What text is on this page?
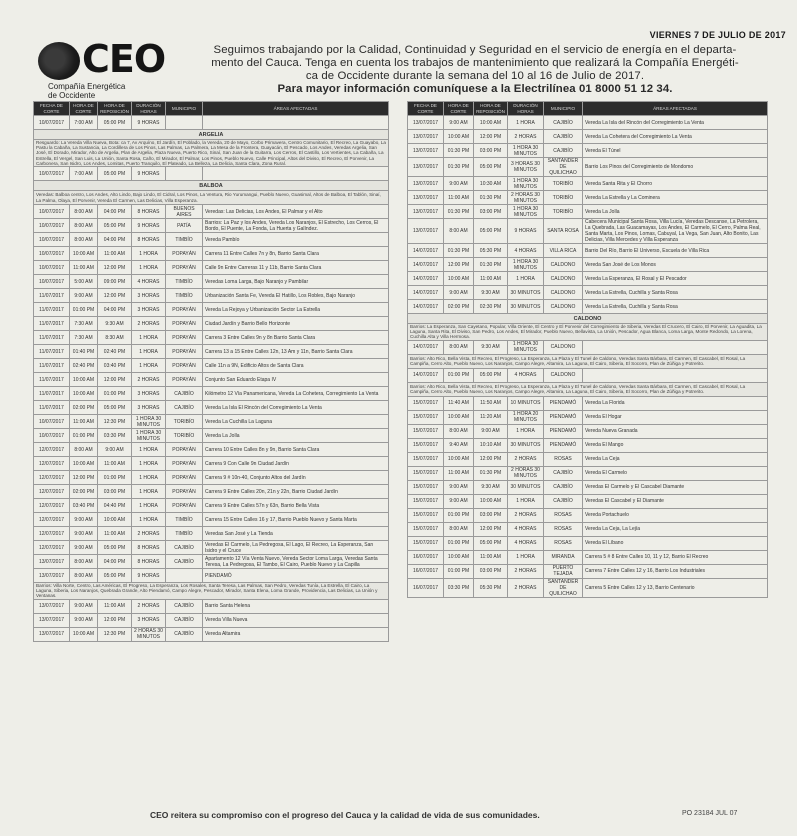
VIERNES 7 DE JULIO DE 2017
CEO
Compañía Energética
de Occidente
Seguimos trabajando por la Calidad, Continuidad y Seguridad en el servicio de energía en el departa-
mento del Cauca. Tenga en cuenta los trabajos de mantenimiento que realizará la Compañía Energéti-
ca de Occidente durante la semana del 10 al 16 de Julio de 2017.
Para mayor información comuníquese a la Electrilínea 01 8000 51 12 34.
FECHA DE CORTE	HORA DE CORTE	HORA DE REPOSICIÓN	DURACIÓN HORAS	MUNICIPIO	ÁREAS AFECTADAS
10/07/2017	7:00 AM	05:00 PM	9 HORAS		
ARGELIA					
Resguardo: La Vereda Villa Nueva, Bota: ca 7, Av Arquíno, El Jardín, El Poblado, la Vereda, 20 de Mayo, Corbo Primavera, Centro Comunitario, El Recreo, La Guayabo, La Pastu la Cabaña, La Sustancia, La Cordillera de Los Pinos, Las Palmas, La Palmera, La Mesa de la Frontera, Guayacán, El Pescado, Los Andes, Veredas Argelia, San José, El Dorado, Mirador, Alto de Argelia, Plan de Argelia, Plaza Nueva, Puerto Rico, Sinaí, San Juan de la Guitarra, Los Cerros, El Castillo, Los Vertientes, La Cabaña, La Estrella, El Vergel, San Luis, La Unión, Santa Rosa, Caño, El Mirador, El Palmar, Los Pinos, Pueblo Nuevo, Calle Principal, Altos del Diviso, El Recreo, El Porvenir, La Carbonera, San Isidro, Los Andes, Lomitas, Puerto Tranquilo, El Plateado, La Belleza, La Delicia, Santa Clara, Zona Rural.					
10/07/2017	7:00 AM	05:00 PM	9 HORAS		
BALBOA					
Veredas: Balboa centro, Los Andes, Alto Lindo, Bajo Lindo, El Cidral, Los Pinos, La Ventura, Rio Yurumangui, Pueblo Nuevo, Guasimal, Altos de Balboa, El Tablón, Sinaí, La Palma, Olaya, El Porvenir, Vereda El Carmen, Las Delicias, Villa Esperanza.					
10/07/2017	8:00 AM	04:00 PM	8 HORAS	BUENOS AIRES	Veredas: Las Delicias, Los Andes, El Palmar y el Alto
10/07/2017	8:00 AM	05:00 PM	9 HORAS	PATÍA	Barrios: La Paz y los Andes, Vereda Los Naranjos, El Estrecho, Los Cerros, El Bordo, El Puente, La Fonda, La Huerta y Galíndez.
10/07/2017	8:00 AM	04:00 PM	8 HORAS	TIMBÍO	Vereda Pambío
10/07/2017	10:00 AM	11:00 AM	1 HORA	POPAYÁN	Carrera 11 Entre Calles 7n y 8n, Barrio Santa Clara
10/07/2017	11:00 AM	12:00 PM	1 HORA	POPAYÁN	Calle 9n Entre Carreras 11 y 11b, Barrio Santa Clara
10/07/2017	5:00 AM	09:00 PM	4 HORAS	TIMBÍO	Veredas Loma Larga, Bajo Naranjo y Pambilar
11/07/2017	9:00 AM	12:00 PM	3 HORAS	TIMBÍO	Urbanización Santa Fe, Vereda El Hatillo, Los Robles, Bajo Naranjo
11/07/2017	01:00 PM	04:00 PM	3 HORAS	POPAYÁN	Vereda La Rejoya y Urbanización Sector La Estrella
11/07/2017	7:30 AM	9:30 AM	2 HORAS	POPAYÁN	Ciudad Jardín y Barrio Bello Horizonte
11/07/2017	7:30 AM	8:30 AM	1 HORA	POPAYÁN	Carrera 3 Entre Calles 9n y 8n Barrio Santa Clara
11/07/2017	01:40 PM	02:40 PM	1 HORA	POPAYÁN	Carrera 13 a 15 Entre Calles 12n, 13 Am y 11n, Barrio Santa Clara
11/07/2017	02:40 PM	03:40 PM	1 HORA	POPAYÁN	Calle 11n a 9N, Edificio Altos de Santa Clara
11/07/2017	10:00 AM	12:00 PM	2 HORAS	POPAYÁN	Conjunto San Eduardo Etapa IV
11/07/2017	10:00 AM	01:00 PM	3 HORAS	CAJIBÍO	Kilómetro 12 Vía Panamericana, Vereda La Cohetera, Corregimiento La Venta
11/07/2017	02:00 PM	05:00 PM	3 HORAS	CAJIBÍO	Vereda La Isla El Rincón del Corregimiento La Venta
10/07/2017	11:00 AM	12:30 PM	1 HORA 30 MINUTOS	TORIBÍO	Vereda La Cuchilla La Laguna
10/07/2017	01:00 PM	03:30 PM	1 HORA 30 MINUTOS	TORIBÍO	Vereda La Jolla
12/07/2017	8:00 AM	9:00 AM	1 HORA	POPAYÁN	Carrera 10 Entre Calles 8n y 9n, Barrio Santa Clara
12/07/2017	10:00 AM	11:00 AM	1 HORA	POPAYÁN	Carrera 9 Con Calle 9n Ciudad Jardín
12/07/2017	12:00 PM	01:00 PM	1 HORA	POPAYÁN	Carrera 9 # 10n-40, Conjunto Altos del Jardín
12/07/2017	02:00 PM	03:00 PM	1 HORA	POPAYÁN	Carrera 9 Entre Calles 20n, 21n y 22n, Barrio Ciudad Jardín
12/07/2017	03:40 PM	04:40 PM	1 HORA	POPAYÁN	Carrera 9 Entre Calles 57n y 63n, Barrio Bella Vista
12/07/2017	9:00 AM	10:00 AM	1 HORA	TIMBÍO	Carrera 15 Entre Calles 16 y 17, Barrio Pueblo Nuevo y Santa Marta
12/07/2017	9:00 AM	11:00 AM	2 HORAS	TIMBÍO	Veredas San José y La Tienda
12/07/2017	9:00 AM	05:00 PM	8 HORAS	CAJIBÍO	Veredas El Carmelo, La Pedregosa, El Lago, El Recreo, La Esperanza, San Isidro y el Cruce
13/07/2017	8:00 AM	04:00 PM	8 HORAS	CAJIBÍO	Apartamento 12 Vía Venta Nuevo, Vereda Sector Loma Larga, Veredas Santa Teresa, La Pedregosa, El Tambo, El Cairo, Pueblo Nuevo y La Capilla
13/07/2017	8:00 AM	05:00 PM	9 HORAS		PIENDAMÓ
Barrios: Villa Norte, Centro, Las Américas, El Progreso, La Esperanza, Los Rosales, Santa Teresa, Las Palmas, San Pedro, Veredas Tunía, La Estrella, El Cairo, La Laguna, Siberia, Los Naranjos, Quebrada Grande, Alto Piendamó, Campo Alegre, Pescador, Mirador, Santa Elena, Loma Grande, Providencia, Las Delicias, La Unión y Ventanas.					
13/07/2017	9:00 AM	11:00 AM	2 HORAS	CAJIBÍO	Barrio Santa Helena
13/07/2017	9:00 AM	12:00 PM	3 HORAS	CAJIBÍO	Vereda Villa Nueva
13/07/2017	10:00 AM	12:30 PM	2 HORAS 30 MINUTOS	CAJIBÍO	Vereda Altamira
FECHA DE CORTE	HORA DE CORTE	HORA DE REPOSICIÓN	DURACIÓN HORAS	MUNICIPIO	ÁREAS AFECTADAS
13/07/2017	9:00 AM	10:00 AM	1 HORA	CAJIBÍO	Vereda La Isla del Rincón del Corregimiento La Venta
13/07/2017	10:00 AM	12:00 PM	2 HORAS	CAJIBÍO	Vereda La Cohetera del Corregimiento La Venta
13/07/2017	01:30 PM	03:00 PM	1 HORA 30 MINUTOS	CAJIBÍO	Vereda El Túnel
13/07/2017	01:30 PM	05:00 PM	3 HORAS 30 MINUTOS	SANTANDER DE QUILICHAO	Barrio Los Pinos del Corregimiento de Mondomo
13/07/2017	9:00 AM	10:30 AM	1 HORA 30 MINUTOS	TORIBÍO	Vereda Santa Rita y El Chorro
13/07/2017	11:00 AM	01:30 PM	2 HORAS 30 MINUTOS	TORIBÍO	Vereda La Estrella y La Cominera
13/07/2017	01:30 PM	03:00 PM	1 HORA 30 MINUTOS	TORIBÍO	Vereda La Jolla
13/07/2017	8:00 AM	05:00 PM	9 HORAS	SANTA ROSA	Cabecera Municipal Santa Rosa, Villa Lucía, Veredas Descanse, La Petrolera, La Quebrada, Las Guacamayas, Los Andes, El Carmelo, El Cerro, Palma Real, Santa Marta, Los Pinos, Lomas, Cabuyal, La Vega, San Juan, Alto Bonito, Las Delicias, Villa Mercedes y Villa Esperanza
14/07/2017	01:30 PM	05:30 PM	4 HORAS	VILLA RICA	Barrio Del Río, Barrio El Universo, Escuela de Villa Rica
14/07/2017	12:00 PM	01:30 PM	1 HORA 30 MINUTOS	CALDONO	Vereda San José de Los Monos
14/07/2017	10:00 AM	11:00 AM	1 HORA	CALDONO	Vereda La Esperanza, El Rosal y El Pescador
14/07/2017	9:00 AM	9:30 AM	30 MINUTOS	CALDONO	Vereda La Estrella, Cuchilla y Santa Rosa
14/07/2017	02:00 PM	02:30 PM	30 MINUTOS	CALDONO	Vereda La Estrella, Cuchilla y Santa Rosa
CALDONO					
Barrios: La Esperanza, San Cayetano, Popular, Villa Oriente, El Centro y El Porvenir del Corregimiento de Siberia, Veredas El Crucero, El Cairo, El Porvenir, La Aguadita, La Laguna, Santa Rita, El Diviso, San Pedro, Los Andes, El Mirador, Pueblo Nuevo, Bellavista, La Unión, Pescador, Agua Blanca, Loma Larga, Monte Redondo, La Lorena, Cuchilla Alta y Villa Hermosa.					
14/07/2017	8:00 AM	9:30 AM	1 HORA 30 MINUTOS	CALDONO	
Barrios: Alto Rico, Bella Vista, El Recreo, El Progreso, La Esperanza, La Plaza y El Tunel de Caldono, Veredas Santa Bárbara, El Carmen, El Cascabel, El Rosal, La Campiña, Cerro Alto, Pueblo Nuevo, Los Naranjos, Campo Alegre, Altamira, La Laguna, El Cairo, Siberia, El Socorro, Plan de Zúñiga y Potrerito.					
14/07/2017	01:00 PM	05:00 PM	4 HORAS	CALDONO	
Barrios: Alto Rico, Bella Vista, El Recreo, El Progreso, La Esperanza, La Plaza y El Tunel de Caldono, Veredas Santa Bárbara, El Carmen, El Cascabel, El Rosal, La Campiña, Cerro Alto, Pueblo Nuevo, Los Naranjos, Campo Alegre, Altamira, La Laguna, El Cairo, Siberia, El Socorro, Plan de Zúñiga y Potrerito.					
15/07/2017	11:40 AM	11:50 AM	10 MINUTOS	PIENDAMÓ	Vereda La Florida
15/07/2017	10:00 AM	11:20 AM	1 HORA 20 MINUTOS	PIENDAMÓ	Vereda El Hogar
15/07/2017	8:00 AM	9:00 AM	1 HORA	PIENDAMÓ	Vereda Nueva Granada
15/07/2017	9:40 AM	10:10 AM	30 MINUTOS	PIENDAMÓ	Vereda El Mango
15/07/2017	10:00 AM	12:00 PM	2 HORAS	ROSAS	Vereda La Ceja
15/07/2017	11:00 AM	01:30 PM	2 HORAS 30 MINUTOS	CAJIBÍO	Vereda El Carmelo
15/07/2017	9:00 AM	9:30 AM	30 MINUTOS	CAJIBÍO	Veredas El Carmelo y El Cascabel Diamante
15/07/2017	9:00 AM	10:00 AM	1 HORA	CAJIBÍO	Veredas El Cascabel y El Diamante
15/07/2017	01:00 PM	03:00 PM	2 HORAS	ROSAS	Vereda Portachuelo
15/07/2017	8:00 AM	12:00 PM	4 HORAS	ROSAS	Vereda La Ceja, La Lejía
15/07/2017	01:00 PM	05:00 PM	4 HORAS	ROSAS	Vereda El Líbano
16/07/2017	10:00 AM	11:00 AM	1 HORA	MIRANDA	Carrera 5 # 8 Entre Calles 10, 11 y 12, Barrio El Recreo
16/07/2017	01:00 PM	03:00 PM	2 HORAS	PUERTO TEJADA	Carrera 7 Entre Calles 12 y 16, Barrio Los Industriales
16/07/2017	03:30 PM	05:30 PM	2 HORAS	SANTANDER DE QUILICHAO	Carrera 5 Entre Calles 12 y 13, Barrio Centenario
CEO reitera su compromiso con el progreso del Cauca y la calidad de vida de sus comunidades.	PO 23184 JUL 07
